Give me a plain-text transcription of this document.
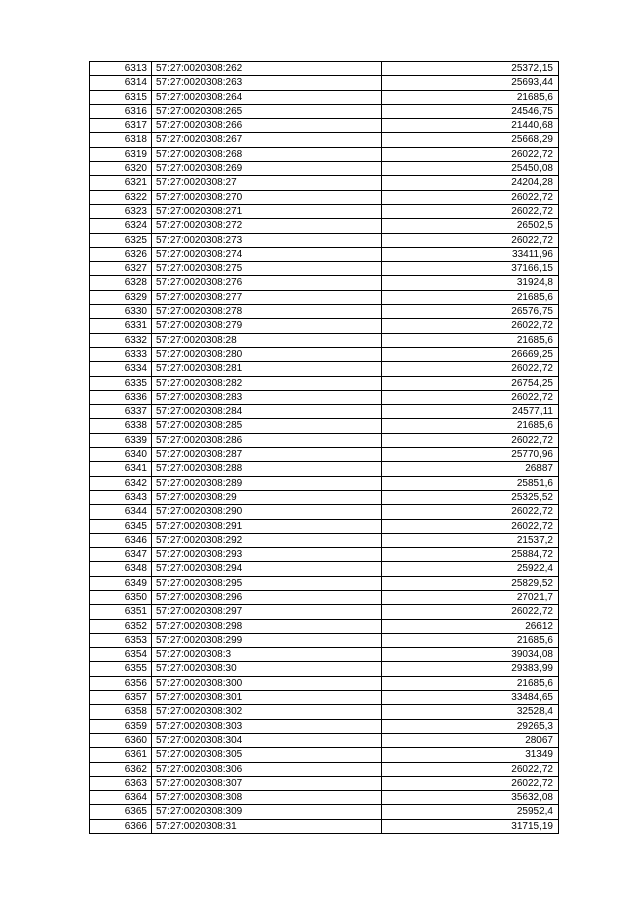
6313	57:27:0020308:262	25372,15
6314	57:27:0020308:263	25693,44
6315	57:27:0020308:264	21685,6
6316	57:27:0020308:265	24546,75
6317	57:27:0020308:266	21440,68
6318	57:27:0020308:267	25668,29
6319	57:27:0020308:268	26022,72
6320	57:27:0020308:269	25450,08
6321	57:27:0020308:27	24204,28
6322	57:27:0020308:270	26022,72
6323	57:27:0020308:271	26022,72
6324	57:27:0020308:272	26502,5
6325	57:27:0020308:273	26022,72
6326	57:27:0020308:274	33411,96
6327	57:27:0020308:275	37166,15
6328	57:27:0020308:276	31924,8
6329	57:27:0020308:277	21685,6
6330	57:27:0020308:278	26576,75
6331	57:27:0020308:279	26022,72
6332	57:27:0020308:28	21685,6
6333	57:27:0020308:280	26669,25
6334	57:27:0020308:281	26022,72
6335	57:27:0020308:282	26754,25
6336	57:27:0020308:283	26022,72
6337	57:27:0020308:284	24577,11
6338	57:27:0020308:285	21685,6
6339	57:27:0020308:286	26022,72
6340	57:27:0020308:287	25770,96
6341	57:27:0020308:288	26887
6342	57:27:0020308:289	25851,6
6343	57:27:0020308:29	25325,52
6344	57:27:0020308:290	26022,72
6345	57:27:0020308:291	26022,72
6346	57:27:0020308:292	21537,2
6347	57:27:0020308:293	25884,72
6348	57:27:0020308:294	25922,4
6349	57:27:0020308:295	25829,52
6350	57:27:0020308:296	27021,7
6351	57:27:0020308:297	26022,72
6352	57:27:0020308:298	26612
6353	57:27:0020308:299	21685,6
6354	57:27:0020308:3	39034,08
6355	57:27:0020308:30	29383,99
6356	57:27:0020308:300	21685,6
6357	57:27:0020308:301	33484,65
6358	57:27:0020308:302	32528,4
6359	57:27:0020308:303	29265,3
6360	57:27:0020308:304	28067
6361	57:27:0020308:305	31349
6362	57:27:0020308:306	26022,72
6363	57:27:0020308:307	26022,72
6364	57:27:0020308:308	35632,08
6365	57:27:0020308:309	25952,4
6366	57:27:0020308:31	31715,19
